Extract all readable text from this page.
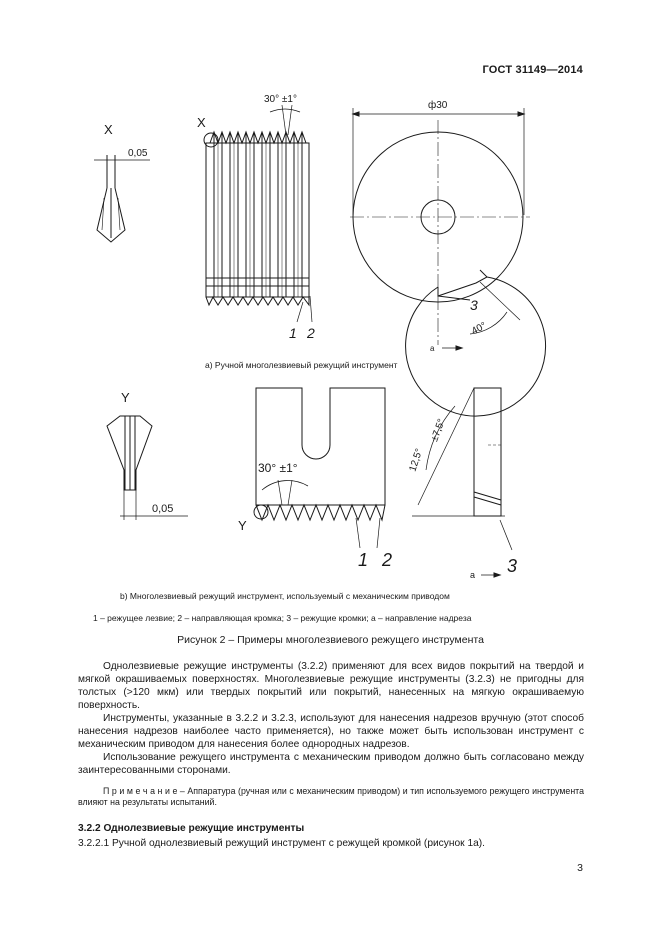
ГОСТ 31149—2014
X
0,05
X
30° ±1°
1 2
ф30
40°
3
a
Y
0,05
Y
30° ±1°
1 2
12,5°
±7,5°
3
a
а) Ручной многолезвиевый режущий инструмент
b) Многолезвиевый режущий инструмент, используемый с механическим приводом
1 – режущее лезвие; 2 – направляющая кромка; 3 – режущие кромки; а – направление надреза
Рисунок 2 – Примеры многолезвиевого режущего инструмента

Однолезвиевые режущие инструменты (3.2.2) применяют для всех видов покрытий на твердой и мягкой окрашиваемых поверхностях. Многолезвиевые режущие инструменты (3.2.3) не пригодны для толстых (>120 мкм) или твердых покрытий или покрытий, нанесенных на мягкую окрашиваемую поверхность.

Инструменты, указанные в 3.2.2 и 3.2.3, используют для нанесения надрезов вручную (этот способ нанесения надрезов наиболее часто применяется), но также может быть использован инструмент с механическим приводом для нанесения более однородных надрезов.

Использование режущего инструмента с механическим приводом должно быть согласовано между заинтересованными сторонами.

П р и м е ч а н и е – Аппаратура (ручная или с механическим приводом) и тип используемого режущего инструмента влияют на результаты испытаний.
3.2.2 Однолезвиевые режущие инструменты
3.2.2.1 Ручной однолезвиевый режущий инструмент с режущей кромкой (рисунок 1а).
3
